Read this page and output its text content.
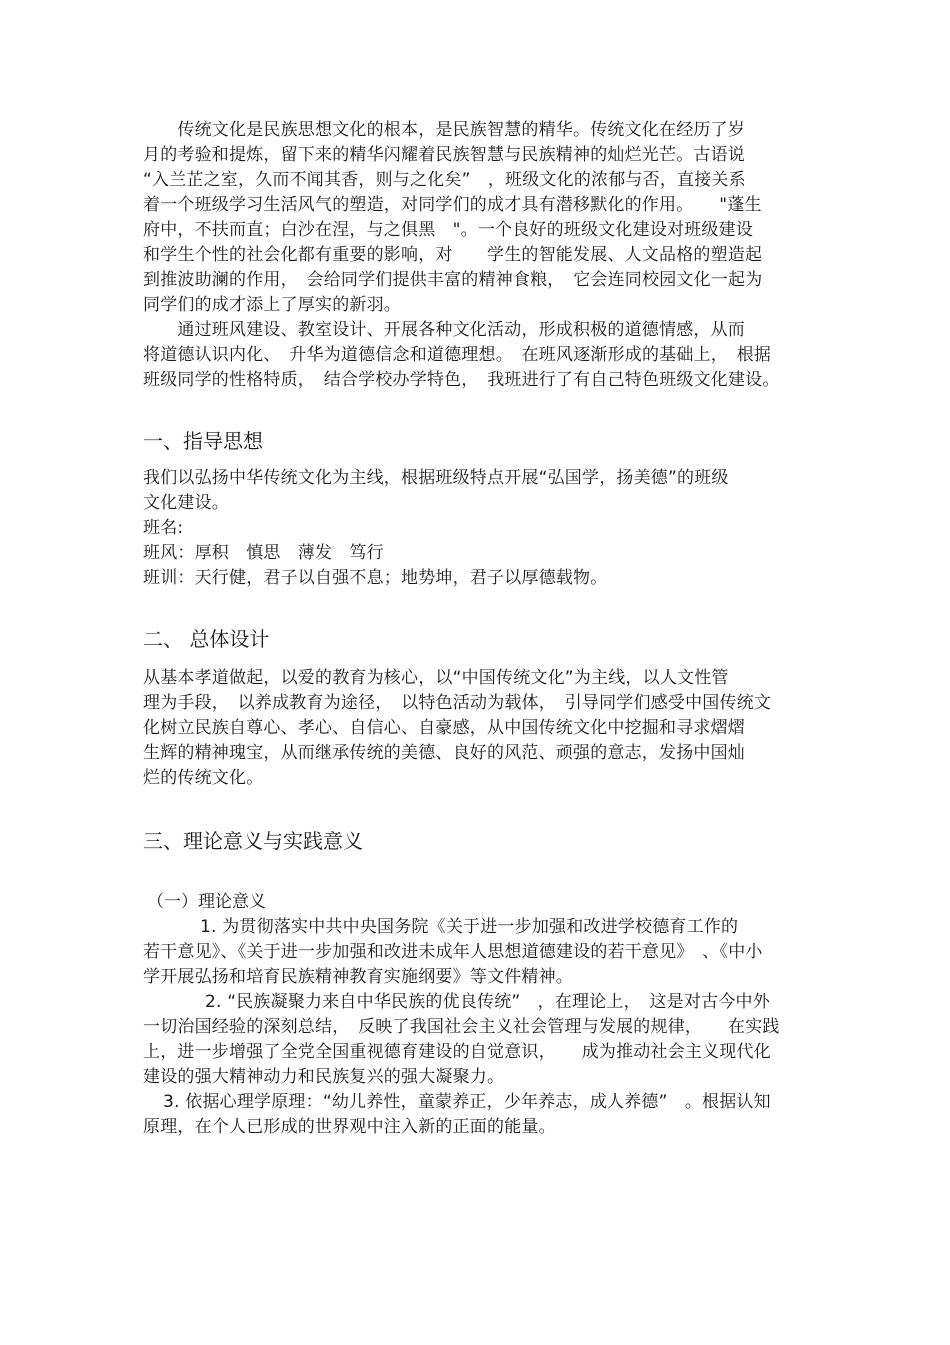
　　传统文化是民族思想文化的根本，是民族智慧的精华。传统文化在经历了岁
月的考验和提炼，留下来的精华闪耀着民族智慧与民族精神的灿烂光芒。古语说
“入兰芷之室，久而不闻其香，则与之化矣”　，班级文化的浓郁与否，直接关系
着一个班级学习生活风气的塑造，对同学们的成才具有潜移默化的作用。　　"蓬生
府中，不扶而直；白沙在涅，与之俱黑　"。一个良好的班级文化建设对班级建设
和学生个性的社会化都有重要的影响，对　　学生的智能发展、人文品格的塑造起
到推波助澜的作用，　会给同学们提供丰富的精神食粮，　它会连同校园文化一起为
同学们的成才添上了厚实的新羽。
　　通过班风建设、教室设计、开展各种文化活动，形成积极的道德情感，从而
将道德认识内化、　升华为道德信念和道德理想。　在班风逐渐形成的基础上，　根据
班级同学的性格特质，　结合学校办学特色，　我班进行了有自己特色班级文化建设。
一、指导思想
我们以弘扬中华传统文化为主线，根据班级特点开展“弘国学，扬美德”的班级
文化建设。
班名:
班风：厚积　慎思　薄发　笃行
班训：天行健，君子以自强不息；地势坤，君子以厚德载物。
二、 总体设计
从基本孝道做起，以爱的教育为核心，以“中国传统文化”为主线，以人文性管
理为手段，　以养成教育为途径，　以特色活动为载体，　引导同学们感受中国传统文
化树立民族自尊心、孝心、自信心、自豪感，从中国传统文化中挖掘和寻求熠熠
生辉的精神瑰宝，从而继承传统的美德、良好的风范、顽强的意志，发扬中国灿
烂的传统文化。
三、理论意义与实践意义
（一）理论意义
1. 为贯彻落实中共中央国务院《关于进一步加强和改进学校德育工作的
若干意见》、《关于进一步加强和改进未成年人思想道德建设的若干意见》　、《中小
学开展弘扬和培育民族精神教育实施纲要》等文件精神。
2. “民族凝聚力来自中华民族的优良传统”　，在理论上，　这是对古今中外
一切治国经验的深刻总结，　反映了我国社会主义社会管理与发展的规律，　　在实践
上，进一步增强了全党全国重视德育建设的自觉意识，　　成为推动社会主义现代化
建设的强大精神动力和民族复兴的强大凝聚力。
3. 依据心理学原理：“幼儿养性，童蒙养正，少年养志，成人养德”　。根据认知
原理，在个人已形成的世界观中注入新的正面的能量。
